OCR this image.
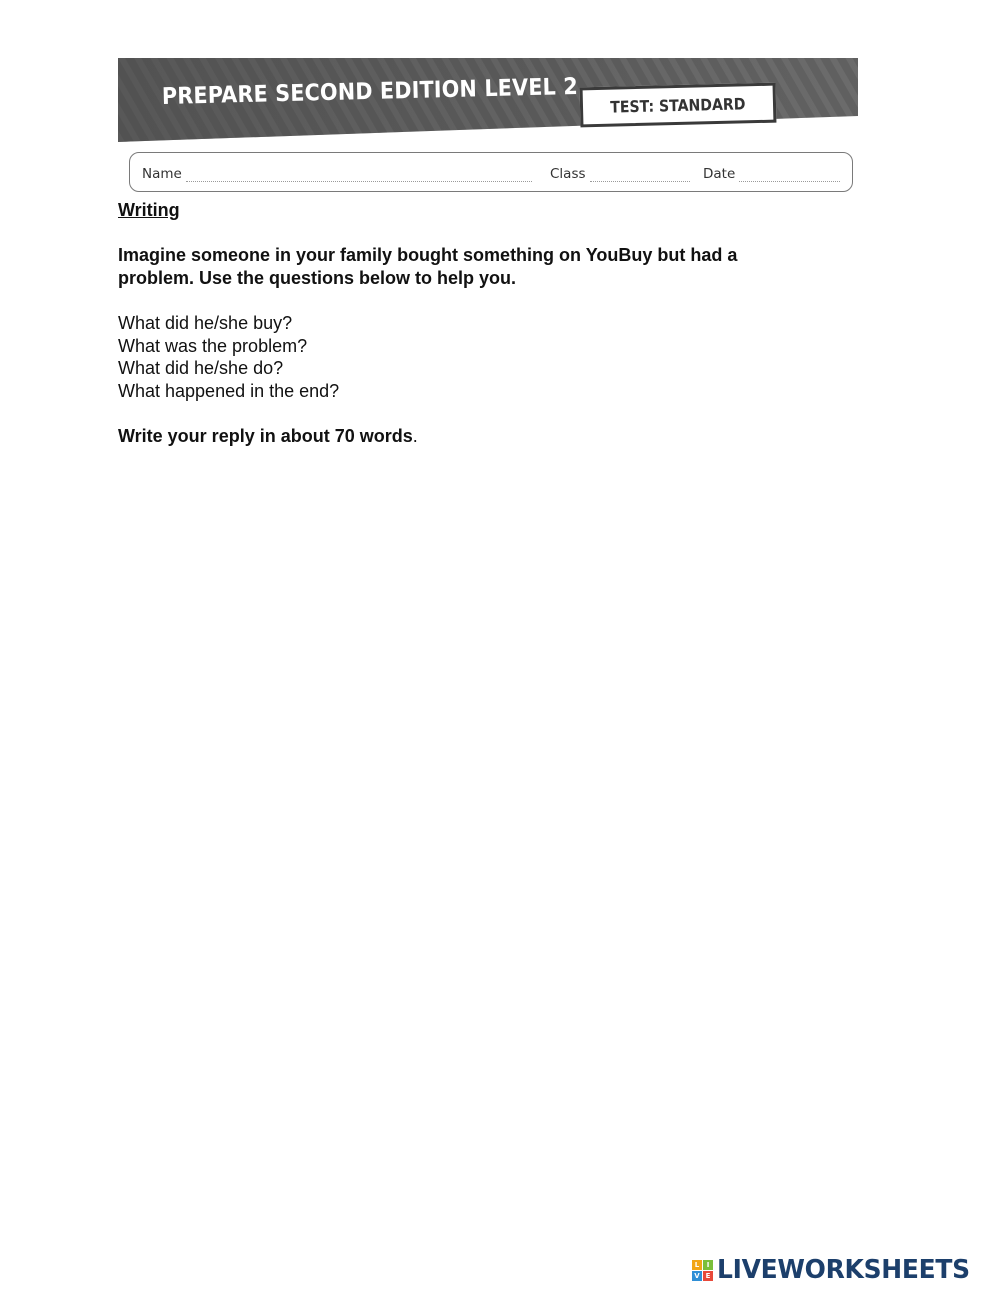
PREPARE SECOND EDITION LEVEL 2 TEST: STANDARD
Name	Class	Date

Writing

Imagine someone in your family bought something on YouBuy but had a

problem. Use the questions below to help you.

What did he/she buy?

What was the problem?

What did he/she do?

What happened in the end?

Write your reply in about 70 words.

L	I
V E LIVEWORKSHEETS
